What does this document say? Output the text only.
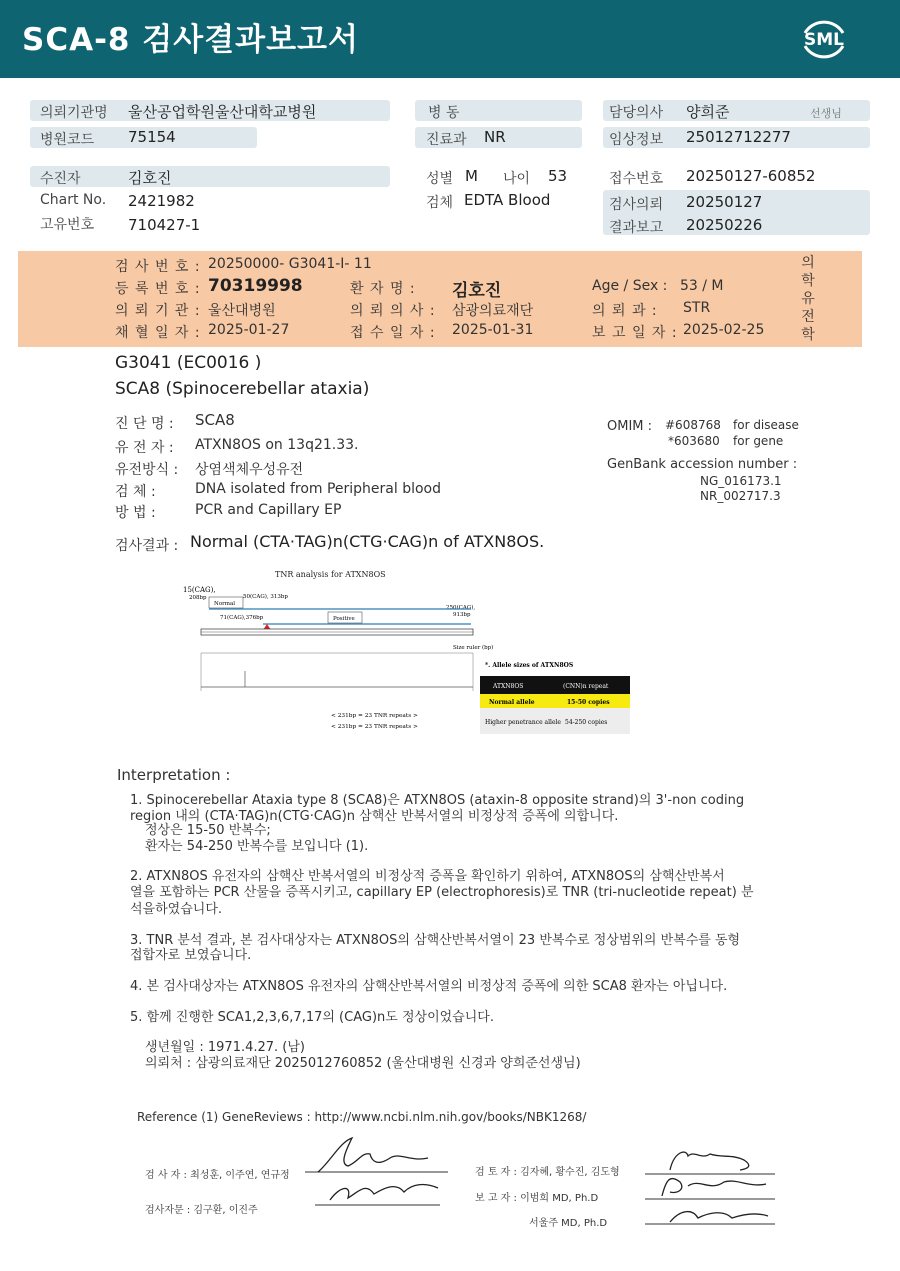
SCA-8 검사결과보고서	SML
의뢰기관명 울산공업학원울산대학교병원	병 동	담당의사 양희준	선생님
병원코드 75154	진료과 NR	임상정보 25012712277
수진자	김호진	성별 M 나이 53	접수번호 20250127-60852
Chart No. 2421982	검체 EDTA Blood	검사의뢰 20250127
결과보고 20250226
고유번호 710427-1
검 사 번 호 : 20250000- G3041-I- 11
등 록 번 호 : 70319998	환 자 명 : 김호진	Age / Sex : 53 / M
의 뢰 기 관 : 울산대병원	의 뢰 의 사 : 삼광의료재단	의 뢰 과 : STR
채 혈 일 자 : 2025-01-27	접 수 일 자 : 2025-01-31	보 고 일 자 : 2025-02-25
의
학
유
전
학
G3041 (EC0016 )
SCA8 (Spinocerebellar ataxia)
진 단 명 : SCA8
유 전 자 : ATXN8OS on 13q21.33.
유전방식 : 상염색체우성유전
검 체 :	DNA isolated from Peripheral blood
방 법 :	PCR and Capillary EP
OMIM : #608768 for disease
*603680 for gene
GenBank accession number :
NG_016173.1
NR_002717.3
검사결과 : Normal (CTA·TAG)n(CTG·CAG)n of ATXN8OS.
TNR analysis for ATXN8OS
15(CAG),
208bp
Normal
50(CAG), 313bp
71(CAG),376bp	Positive
250(CAG),
913bp
Size ruler (bp)
< 231bp = 23 TNR repeats >
< 231bp = 23 TNR repeats >
*. Allele sizes of ATXN8OS
ATXN8OS	(CNN)n repeat
Normal allele	15-50 copies
Higher penetrance allele 54-250 copies
Interpretation :
1. Spinocerebellar Ataxia type 8 (SCA8)은 ATXN8OS (ataxin-8 opposite strand)의 3'-non coding
region 내의 (CTA·TAG)n(CTG·CAG)n 삼핵산 반복서열의 비정상적 증폭에 의합니다.
정상은 15-50 반복수;
환자는 54-250 반복수를 보입니다 (1).
2. ATXN8OS 유전자의 삼핵산 반복서열의 비정상적 증폭을 확인하기 위하여, ATXN8OS의 삼핵산반복서
열을 포함하는 PCR 산물을 증폭시키고, capillary EP (electrophoresis)로 TNR (tri-nucleotide repeat) 분
석을하였습니다.
3. TNR 분석 결과, 본 검사대상자는 ATXN8OS의 삼핵산반복서열이 23 반복수로 정상범위의 반복수를 동형
접합자로 보였습니다.
4. 본 검사대상자는 ATXN8OS 유전자의 삼핵산반복서열의 비정상적 증폭에 의한 SCA8 환자는 아닙니다.
5. 함께 진행한 SCA1,2,3,6,7,17의 (CAG)n도 정상이었습니다.
생년월일 : 1971.4.27. (남)
의뢰처 : 삼광의료재단 2025012760852 (울산대병원 신경과 양희준선생님)
Reference (1) GeneReviews : http://www.ncbi.nlm.nih.gov/books/NBK1268/
검 사 자 : 최성훈, 이주연, 연규정
검사자문 : 김구환, 이진주
검 토 자 : 김자혜, 황수진, 김도형
보 고 자 : 이범희 MD, Ph.D
서울주 MD, Ph.D
